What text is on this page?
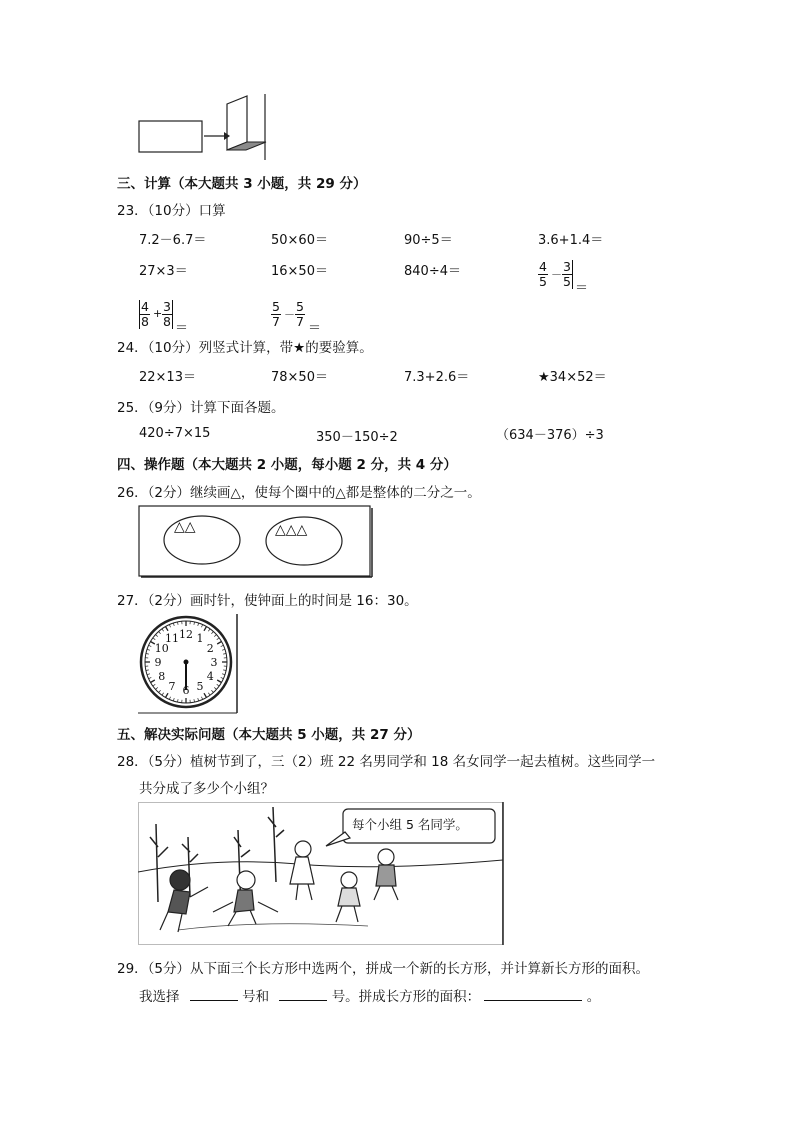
三、计算（本大题共 3 小题，共 29 分）
23．（10分）口算
7.2－6.7＝	50×60＝	90÷5＝	3.6+1.4＝
27×3＝	16×50＝	840÷4＝	$\frac{4}{5} - \frac{3}{5}$ ＝
$\frac{4}{8} + \frac{3}{8}$ ＝	$\frac{5}{7} - \frac{5}{7}$ ＝
24．（10分）列竖式计算，带★的要验算。
22×13＝	78×50＝	7.3+2.6＝	★34×52＝
25．（9分）计算下面各题。
420÷7×15	350－150÷2	（634－376）÷3
四、操作题（本大题共 2 小题，每小题 2 分，共 4 分）
26．（2分）继续画△，使每个圈中的△都是整体的二分之一。
△△	△△△
27．（2分）画时针，使钟面上的时间是 16：30。
12 1
2
3
4
5
6
7
8
9
10
11
五、解决实际问题（本大题共 5 小题，共 27 分）
28．（5分）植树节到了，三（2）班 22 名男同学和 18 名女同学一起去植树。这些同学一
共分成了多少个小组？
每个小组 5 名同学。
29．（5分）从下面三个长方形中选两个，拼成一个新的长方形，并计算新长方形的面积。
我选择	号和	号。拼成长方形的面积：	。
